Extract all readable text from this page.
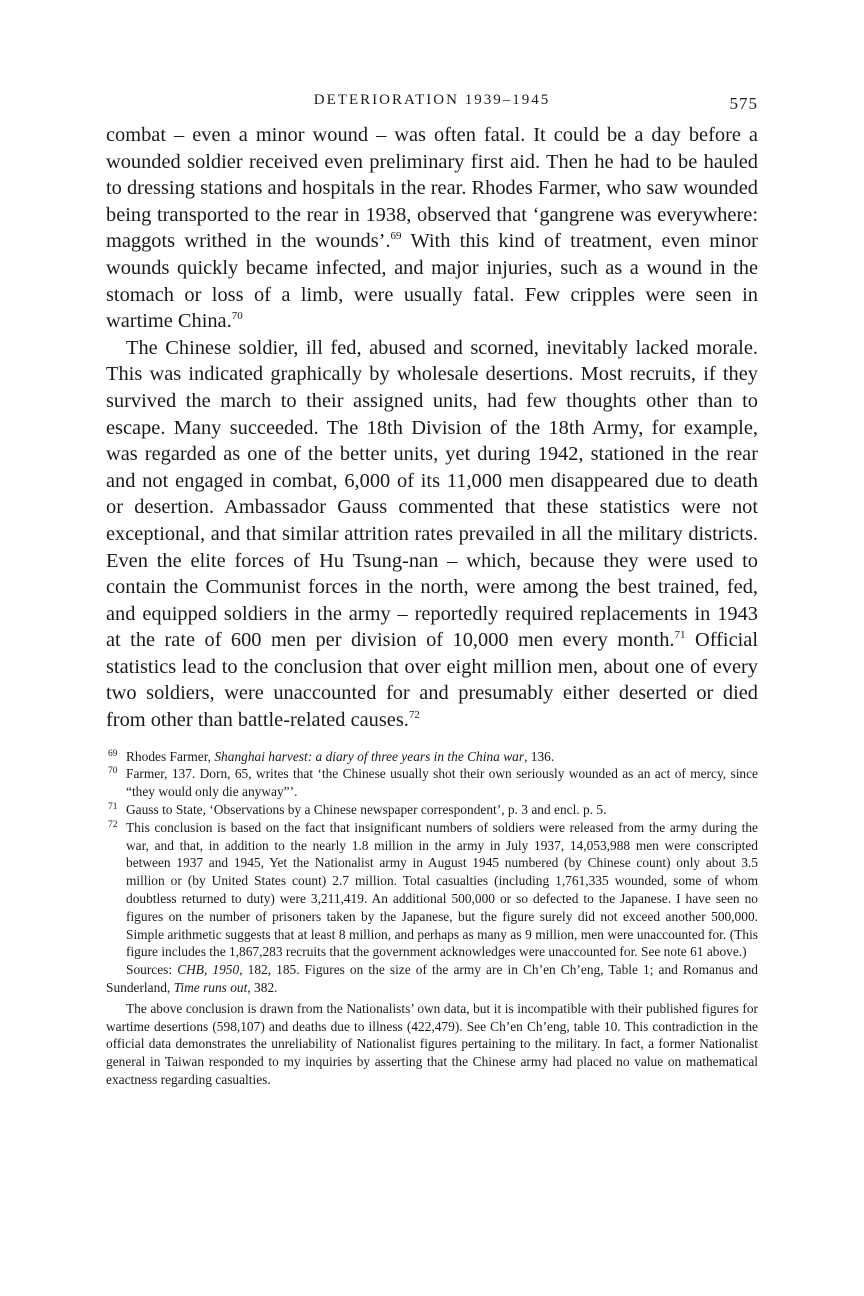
DETERIORATION 1939–1945	575

combat – even a minor wound – was often fatal. It could be a day before a wounded soldier received even preliminary first aid. Then he had to be hauled to dressing stations and hospitals in the rear. Rhodes Farmer, who saw wounded being transported to the rear in 1938, observed that ‘gangrene was everywhere: maggots writhed in the wounds’.$^{69}$ With this kind of treatment, even minor wounds quickly became infected, and major injuries, such as a wound in the stomach or loss of a limb, were usually fatal. Few cripples were seen in wartime China.$^{70}$

The Chinese soldier, ill fed, abused and scorned, inevitably lacked morale. This was indicated graphically by wholesale desertions. Most recruits, if they survived the march to their assigned units, had few thoughts other than to escape. Many succeeded. The 18th Division of the 18th Army, for example, was regarded as one of the better units, yet during 1942, stationed in the rear and not engaged in combat, 6,000 of its 11,000 men disappeared due to death or desertion. Ambassador Gauss commented that these statistics were not exceptional, and that similar attrition rates prevailed in all the military districts. Even the elite forces of Hu Tsung-nan – which, because they were used to contain the Communist forces in the north, were among the best trained, fed, and equipped soldiers in the army – reportedly required replacements in 1943 at the rate of 600 men per division of 10,000 men every month.$^{71}$ Official statistics lead to the conclusion that over eight million men, about one of every two soldiers, were unaccounted for and presumably either deserted or died from other than battle-related causes.$^{72}$

69 Rhodes Farmer, Shanghai harvest: a diary of three years in the China war, 136.
70 Farmer, 137. Dorn, 65, writes that ‘the Chinese usually shot their own seriously wounded as an act of mercy, since “they would only die anyway”’.
71 Gauss to State, ‘Observations by a Chinese newspaper correspondent’, p. 3 and encl. p. 5.
72 This conclusion is based on the fact that insignificant numbers of soldiers were released from the army during the war, and that, in addition to the nearly 1.8 million in the army in July 1937, 14,053,988 men were conscripted between 1937 and 1945, Yet the Nationalist army in August 1945 numbered (by Chinese count) only about 3.5 million or (by United States count) 2.7 million. Total casualties (including 1,761,335 wounded, some of whom doubtless returned to duty) were 3,211,419. An additional 500,000 or so defected to the Japanese. I have seen no figures on the number of prisoners taken by the Japanese, but the figure surely did not exceed another 500,000. Simple arithmetic suggests that at least 8 million, and perhaps as many as 9 million, men were unaccounted for. (This figure includes the 1,867,283 recruits that the government acknowledges were unaccounted for. See note 61 above.)

Sources: CHB, 1950, 182, 185. Figures on the size of the army are in Ch’en Ch’eng, Table 1; and Romanus and Sunderland, Time runs out, 382.

The above conclusion is drawn from the Nationalists’ own data, but it is incompatible with their published figures for wartime desertions (598,107) and deaths due to illness (422,479). See Ch’en Ch’eng, table 10. This contradiction in the official data demonstrates the unreliability of Nationalist figures pertaining to the military. In fact, a former Nationalist general in Taiwan responded to my inquiries by asserting that the Chinese army had placed no value on mathematical exactness regarding casualties.
